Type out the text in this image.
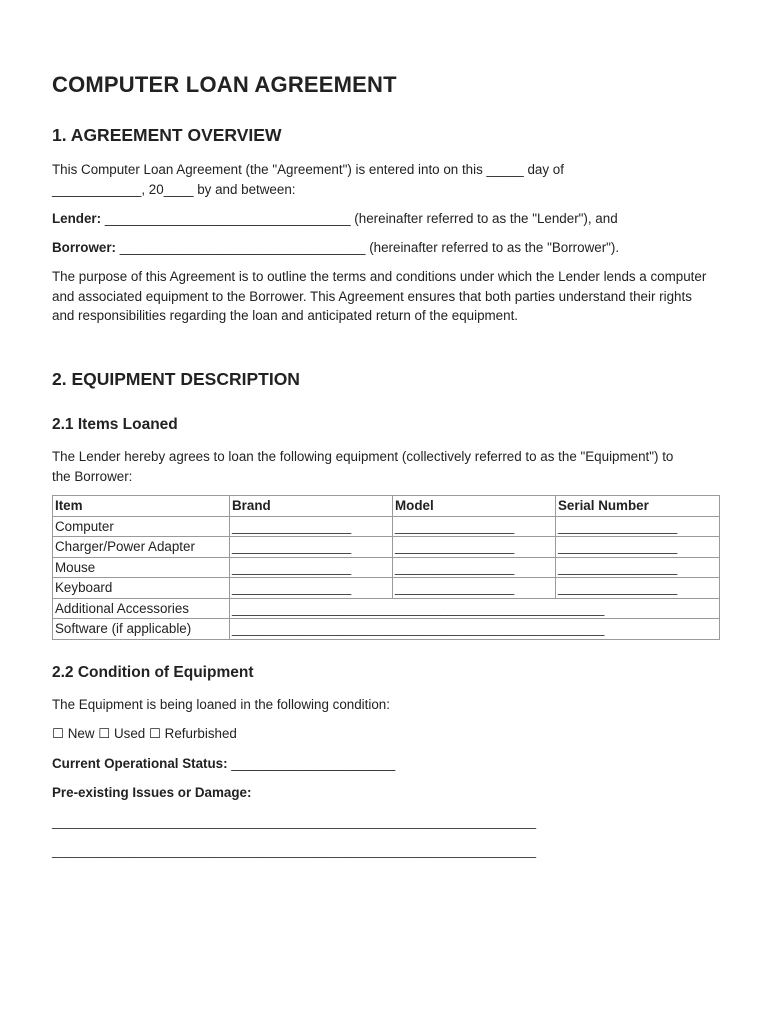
COMPUTER LOAN AGREEMENT
1. AGREEMENT OVERVIEW

This Computer Loan Agreement (the "Agreement") is entered into on this _____ day of

____________, 20____ by and between:

Lender: _________________________________ (hereinafter referred to as the "Lender"), and

Borrower: _________________________________ (hereinafter referred to as the "Borrower").

The purpose of this Agreement is to outline the terms and conditions under which the Lender lends a computer and associated equipment to the Borrower. This Agreement ensures that both parties understand their rights and responsibilities regarding the loan and anticipated return of the equipment.

2. EQUIPMENT DESCRIPTION
2.1 Items Loaned

The Lender hereby agrees to loan the following equipment (collectively referred to as the "Equipment") to the Borrower:

Item	Brand	Model	Serial Number
Computer	________________	________________	________________
Charger/Power Adapter	________________	________________	________________
Mouse	________________	________________	________________
Keyboard	________________	________________	________________
Additional Accessories	__________________________________________________		
Software (if applicable)	__________________________________________________		
2.2 Condition of Equipment

The Equipment is being loaned in the following condition:

☐ New ☐ Used ☐ Refurbished

Current Operational Status: ______________________

Pre-existing Issues or Damage:

_________________________________________________________________
_________________________________________________________________
